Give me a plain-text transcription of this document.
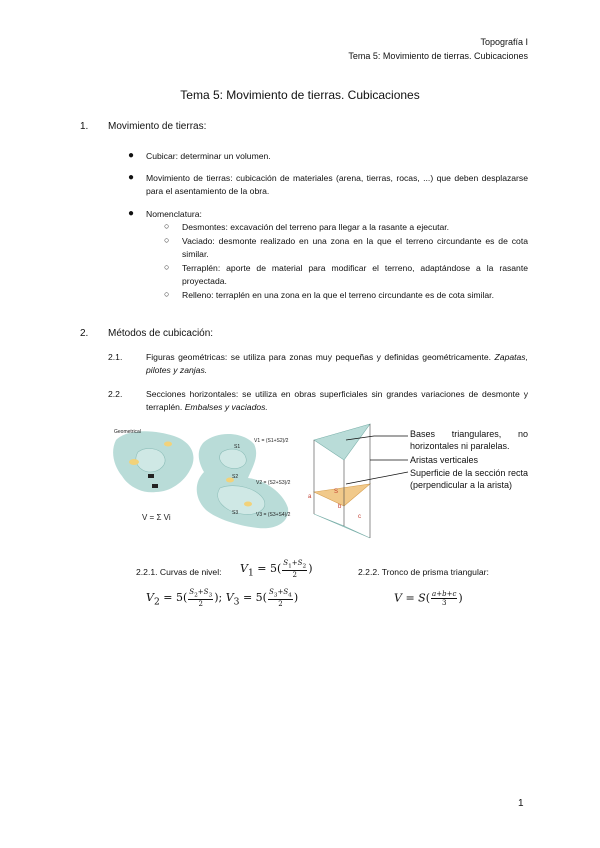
Topografía I
Tema 5: Movimiento de tierras. Cubicaciones
Tema 5: Movimiento de tierras. Cubicaciones
1. Movimiento de tierras:
● Cubicar: determinar un volumen.
● Movimiento de tierras: cubicación de materiales (arena, tierras, rocas, ...) que deben desplazarse para el asentamiento de la obra.
● Nomenclatura:
○ Desmontes: excavación del terreno para llegar a la rasante a ejecutar.
○ Vaciado: desmonte realizado en una zona en la que el terreno circundante es de cota similar.
○ Terraplén: aporte de material para modificar el terreno, adaptándose a la rasante proyectada.
○ Relleno: terraplén en una zona en la que el terreno circundante es de cota similar.
2. Métodos de cubicación:
2.1.	Figuras geométricas: se utiliza para zonas muy pequeñas y definidas geométricamente. Zapatas, pilotes y zanjas.
2.2.	Secciones horizontales: se utiliza en obras superficiales sin grandes variaciones de desmonte y terraplén. Embalses y vaciados.
Geometrical
V = Σ Vi
S1
S2
S3
V1 = (S1+S2)/2
V2 = (S2+S3)/2
V3 = (S3+S4)/2
a
b
c
S
Bases triangulares, no horizontales ni paralelas.
Aristas verticales
Superficie de la sección recta (perpendicular a la arista)
2.2.1. Curvas de nivel: $V_1 = 5( \frac{S_1+S_2}{2}$ )
$V_2 = 5( \frac{S_2+S_3}{2}$ ); $V_3 = 5( \frac{S_3+S_4}{2}$ )
2.2.2. Tronco de prisma triangular:
$V = S( \frac{a+b+c}{3}$ )
1
